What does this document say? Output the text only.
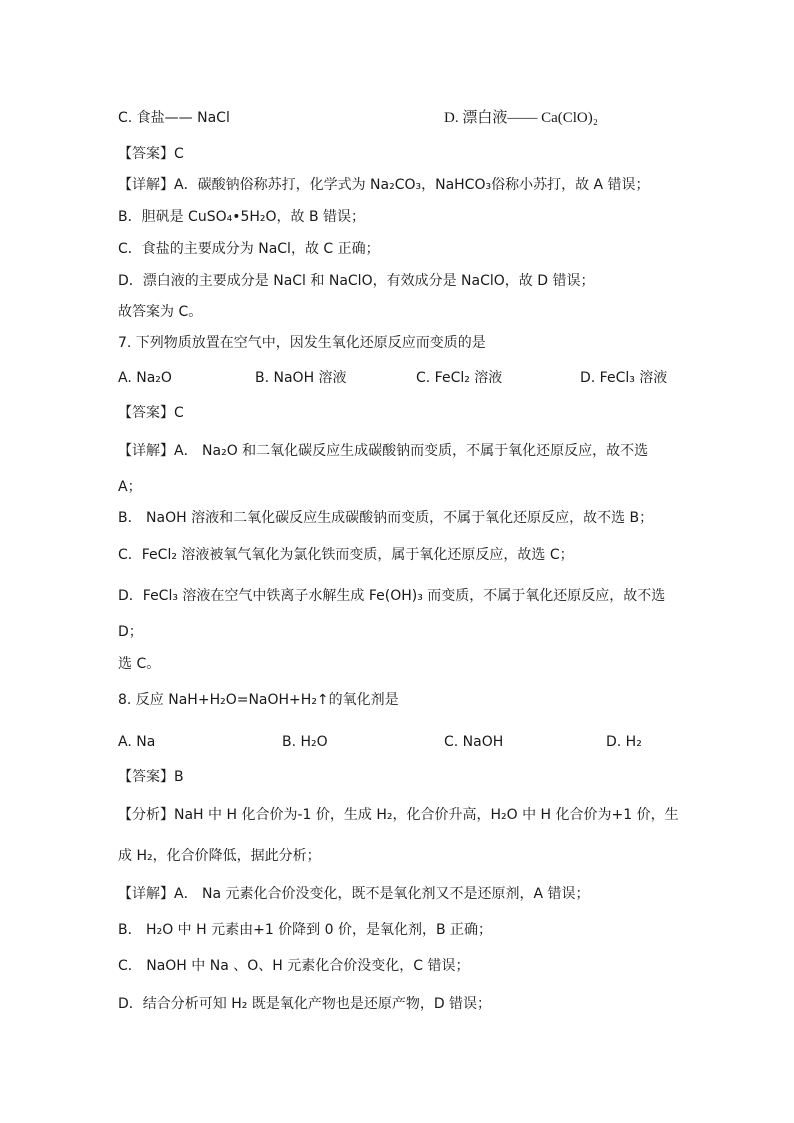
C. 食盐—— NaCl	D. 漂白液—— Ca(ClO)₂
【答案】C
【详解】A．碳酸钠俗称苏打，化学式为 Na₂CO₃，NaHCO₃俗称小苏打，故 A 错误；
B．胆矾是 CuSO₄•5H₂O，故 B 错误；
C．食盐的主要成分为 NaCl，故 C 正确；
D．漂白液的主要成分是 NaCl 和 NaClO，有效成分是 NaClO，故 D 错误；
故答案为 C。
7. 下列物质放置在空气中，因发生氧化还原反应而变质的是
A. Na₂O	B. NaOH 溶液	C. FeCl₂ 溶液	D. FeCl₃ 溶液
【答案】C
【详解】A． Na₂O 和二氧化碳反应生成碳酸钠而变质，不属于氧化还原反应，故不选
A；
B． NaOH 溶液和二氧化碳反应生成碳酸钠而变质，不属于氧化还原反应，故不选 B；
C．FeCl₂ 溶液被氧气氧化为氯化铁而变质，属于氧化还原反应，故选 C；
D．FeCl₃ 溶液在空气中铁离子水解生成 Fe(OH)₃ 而变质，不属于氧化还原反应，故不选
D；
选 C。
8. 反应 NaH+H₂O=NaOH+H₂↑的氧化剂是
A. Na	B. H₂O	C. NaOH	D. H₂
【答案】B
【分析】NaH 中 H 化合价为-1 价，生成 H₂，化合价升高，H₂O 中 H 化合价为+1 价，生
成 H₂，化合价降低，据此分析；
【详解】A． Na 元素化合价没变化，既不是氧化剂又不是还原剂，A 错误；
B． H₂O 中 H 元素由+1 价降到 0 价，是氧化剂，B 正确；
C． NaOH 中 Na 、O、H 元素化合价没变化，C 错误；
D．结合分析可知 H₂ 既是氧化产物也是还原产物，D 错误；
